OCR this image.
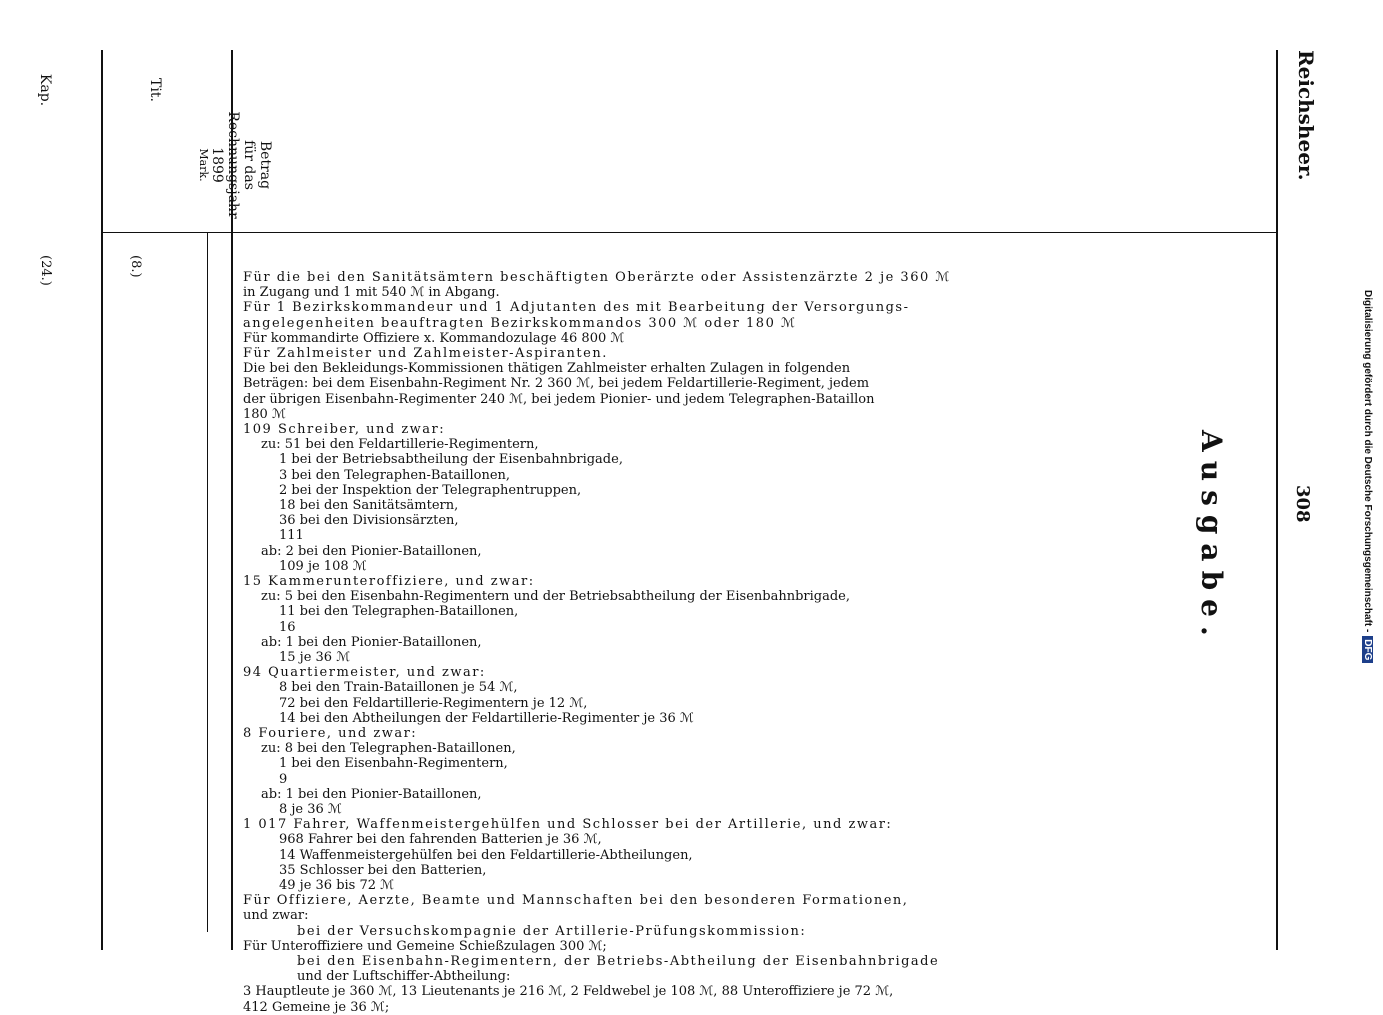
Digitalisierung gefördert durch die Deutsche Forschungsgemeinschaft -DFG
Reichsheer.
308
Ausgabe.
Kap.	Tit.
Betrag
für das
Rechnungsjahr
1899
Mark.
(24.)	(8.)	Für die bei den Sanitätsämtern beschäftigten Oberärzte oder Assistenzärzte 2 je 360 ℳ
in Zugang und 1 mit 540 ℳ in Abgang.
Für 1 Bezirkskommandeur und 1 Adjutanten des mit Bearbeitung der Versorgungs-
angelegenheiten beauftragten Bezirkskommandos 300 ℳ oder 180 ℳ
Für kommandirte Offiziere x. Kommandozulage 46 800 ℳ
Für Zahlmeister und Zahlmeister-Aspiranten.
Die bei den Bekleidungs-Kommissionen thätigen Zahlmeister erhalten Zulagen in folgenden
Beträgen: bei dem Eisenbahn-Regiment Nr. 2 360 ℳ, bei jedem Feldartillerie-Regiment, jedem
der übrigen Eisenbahn-Regimenter 240 ℳ, bei jedem Pionier- und jedem Telegraphen-Bataillon
180 ℳ
109 Schreiber, und zwar:
zu: 51 bei den Feldartillerie-Regimentern,
1 bei der Betriebsabtheilung der Eisenbahnbrigade,
3 bei den Telegraphen-Bataillonen,
2 bei der Inspektion der Telegraphentruppen,
18 bei den Sanitätsämtern,
36 bei den Divisionsärzten,
111
ab: 2 bei den Pionier-Bataillonen,
109 je 108 ℳ
15 Kammerunteroffiziere, und zwar:
zu: 5 bei den Eisenbahn-Regimentern und der Betriebsabtheilung der Eisenbahnbrigade,
11 bei den Telegraphen-Bataillonen,
16
ab: 1 bei den Pionier-Bataillonen,
15 je 36 ℳ
94 Quartiermeister, und zwar:
8 bei den Train-Bataillonen je 54 ℳ,
72 bei den Feldartillerie-Regimentern je 12 ℳ,
14 bei den Abtheilungen der Feldartillerie-Regimenter je 36 ℳ
8 Fouriere, und zwar:
zu: 8 bei den Telegraphen-Bataillonen,
1 bei den Eisenbahn-Regimentern,
9
ab: 1 bei den Pionier-Bataillonen,
8 je 36 ℳ
1 017 Fahrer, Waffenmeistergehülfen und Schlosser bei der Artillerie, und zwar:
968 Fahrer bei den fahrenden Batterien je 36 ℳ,
14 Waffenmeistergehülfen bei den Feldartillerie-Abtheilungen,
35 Schlosser bei den Batterien,
49 je 36 bis 72 ℳ
Für Offiziere, Aerzte, Beamte und Mannschaften bei den besonderen Formationen,
und zwar:
bei der Versuchskompagnie der Artillerie-Prüfungskommission:
Für Unteroffiziere und Gemeine Schießzulagen 300 ℳ;
bei den Eisenbahn-Regimentern, der Betriebs-Abtheilung der Eisenbahnbrigade
und der Luftschiffer-Abtheilung:
3 Hauptleute je 360 ℳ, 13 Lieutenants je 216 ℳ, 2 Feldwebel je 108 ℳ, 88 Unteroffiziere je 72 ℳ,
412 Gemeine je 36 ℳ;
